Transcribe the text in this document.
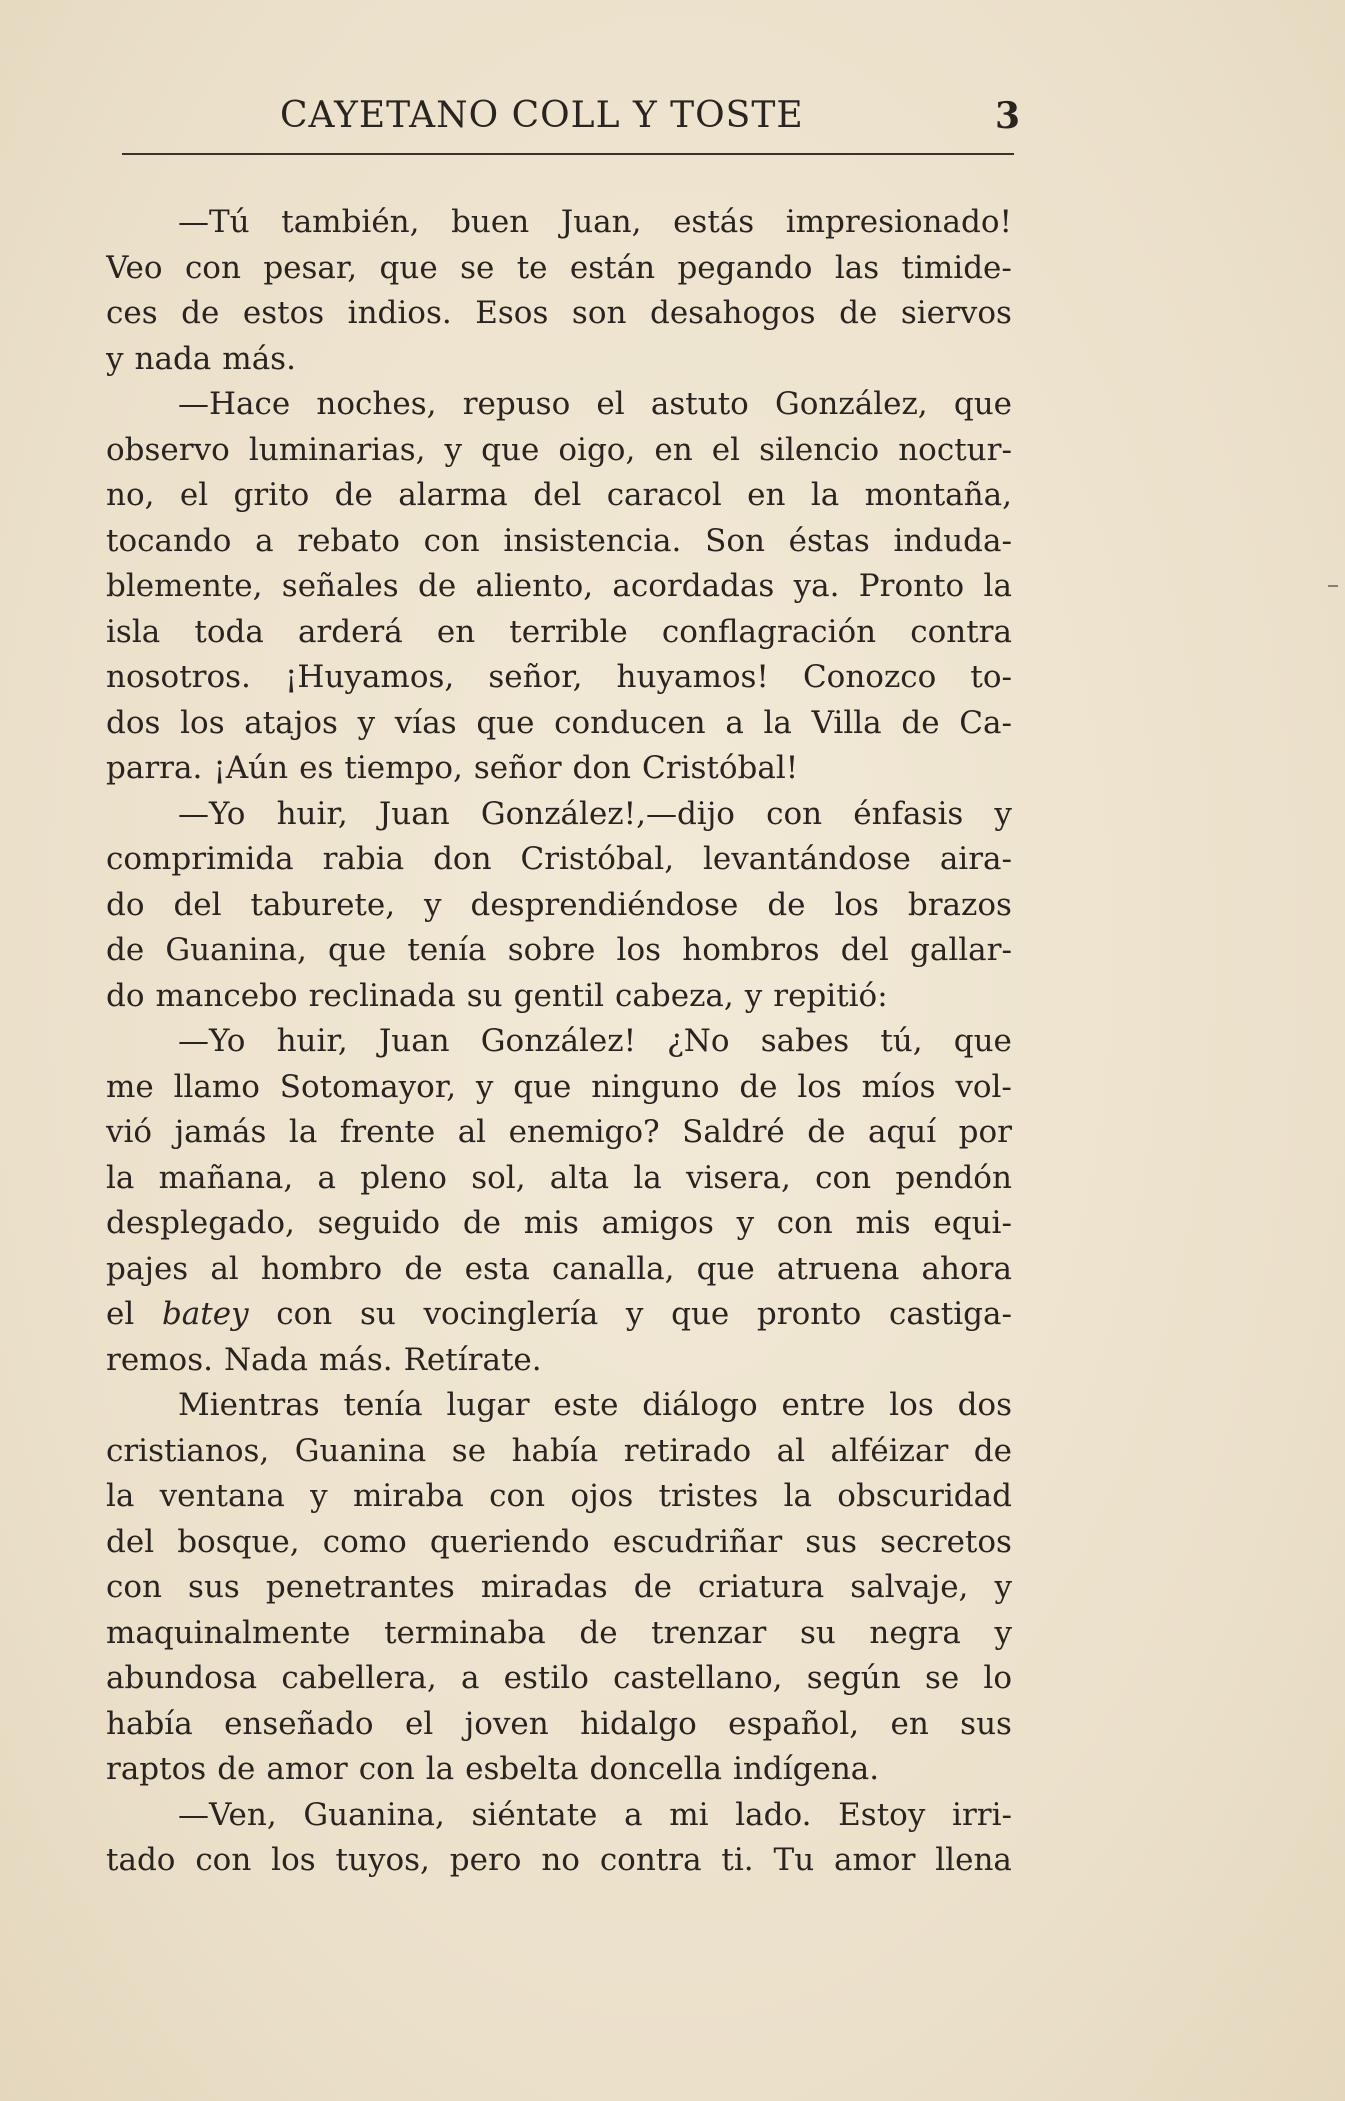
CAYETANO COLL Y TOSTE	3
—Tú también, buen Juan, estás impresionado!
Veo con pesar, que se te están pegando las timide-
ces de estos indios. Esos son desahogos de siervos
y nada más.
—Hace noches, repuso el astuto González, que
observo luminarias, y que oigo, en el silencio noctur-
no, el grito de alarma del caracol en la montaña,
tocando a rebato con insistencia. Son éstas induda-
blemente, señales de aliento, acordadas ya. Pronto la
isla toda arderá en terrible conflagración contra
nosotros. ¡Huyamos, señor, huyamos! Conozco to-
dos los atajos y vías que conducen a la Villa de Ca-
parra. ¡Aún es tiempo, señor don Cristóbal!
—Yo huir, Juan González!,—dijo con énfasis y
comprimida rabia don Cristóbal, levantándose aira-
do del taburete, y desprendiéndose de los brazos
de Guanina, que tenía sobre los hombros del gallar-
do mancebo reclinada su gentil cabeza, y repitió:
—Yo huir, Juan González! ¿No sabes tú, que
me llamo Sotomayor, y que ninguno de los míos vol-
vió jamás la frente al enemigo? Saldré de aquí por
la mañana, a pleno sol, alta la visera, con pendón
desplegado, seguido de mis amigos y con mis equi-
pajes al hombro de esta canalla, que atruena ahora
el batey con su vocinglería y que pronto castiga-
remos. Nada más. Retírate.
Mientras tenía lugar este diálogo entre los dos
cristianos, Guanina se había retirado al alféizar de
la ventana y miraba con ojos tristes la obscuridad
del bosque, como queriendo escudriñar sus secretos
con sus penetrantes miradas de criatura salvaje, y
maquinalmente terminaba de trenzar su negra y
abundosa cabellera, a estilo castellano, según se lo
había enseñado el joven hidalgo español, en sus
raptos de amor con la esbelta doncella indígena.
—Ven, Guanina, siéntate a mi lado. Estoy irri-
tado con los tuyos, pero no contra ti. Tu amor llena
